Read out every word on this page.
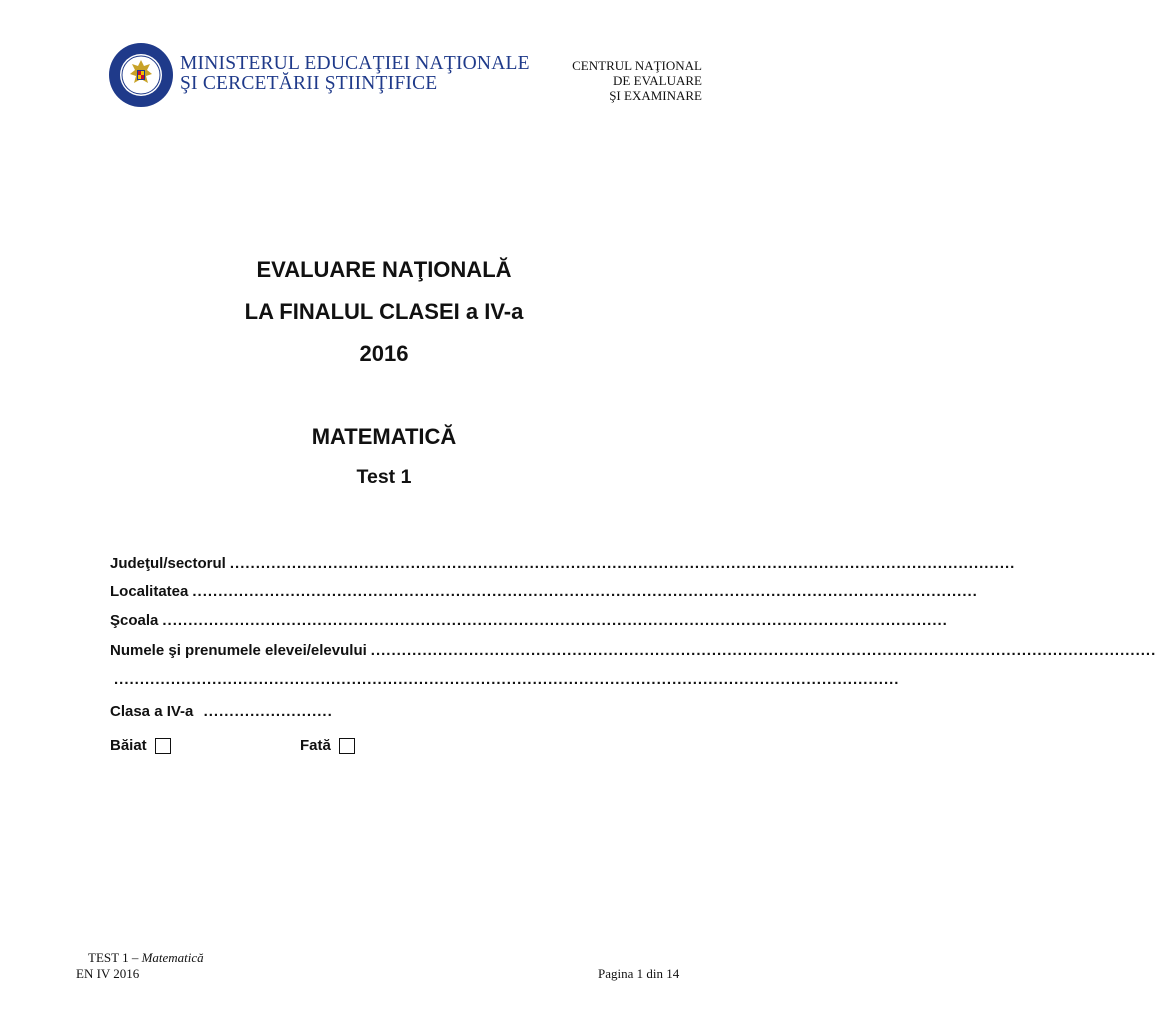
MINISTERUL EDUCAŢIEI NAŢIONALE
ŞI CERCETĂRII ŞTIINŢIFICE
CENTRUL NAŢIONAL
DE EVALUARE
ŞI EXAMINARE
EVALUARE NAŢIONALĂ
LA FINALUL CLASEI a IV-a
2016
MATEMATICĂ
Test 1
Judeţul/sectorul ........................................................................................................................................................
Localitatea ........................................................................................................................................................
Şcoala ........................................................................................................................................................
Numele şi prenumele elevei/elevului ........................................................................................................................................................
........................................................................................................................................................
Clasa a IV-a .........................
Băiat	Fată
TEST 1 – Matematică
EN IV 2016	Pagina 1 din 14
